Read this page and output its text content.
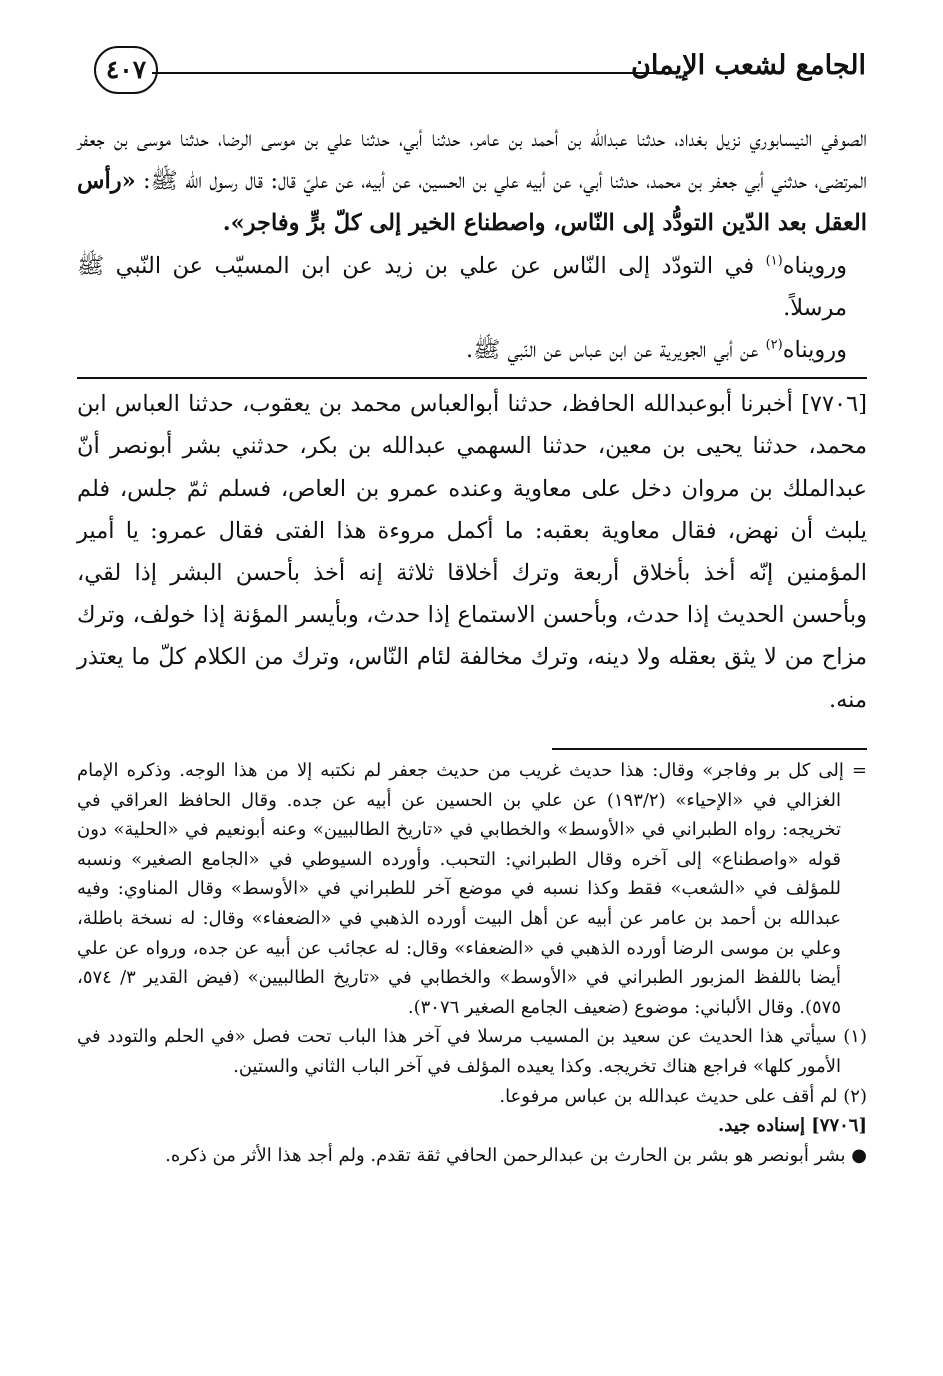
الجامع لشعب الإيمان
٤٠٧

الصوفي النيسابوري نزيل بغداد، حدثنا عبدالله بن أحمد بن عامر، حدثنا أبي، حدثنا علي بن موسى الرضا، حدثنا موسى بن جعفر المرتضى، حدثني أبي جعفر بن محمد، حدثنا أبي، عن أبيه علي بن الحسين، عن أبيه، عن عليّ قال: قال رسول الله ﷺ: «رأس العقل بعد الدّين التودُّد إلى النّاس، واصطناع الخير إلى كلّ برٍّ وفاجر».

ورويناه$^{(١)}$ في التودّد إلى النّاس عن علي بن زيد عن ابن المسيّب عن النّبي ﷺ مرسلاً.

ورويناه$^{(٢)}$ عن أبي الجويرية عن ابن عباس عن النّبي ﷺ.

[٧٧٠٦] أخبرنا أبوعبدالله الحافظ، حدثنا أبوالعباس محمد بن يعقوب، حدثنا العباس ابن محمد، حدثنا يحيى بن معين، حدثنا السهمي عبدالله بن بكر، حدثني بشر أبونصر أنّ عبدالملك بن مروان دخل على معاوية وعنده عمرو بن العاص، فسلم ثمّ جلس، فلم يلبث أن نهض، فقال معاوية بعقبه: ما أكمل مروءة هذا الفتى فقال عمرو: يا أمير المؤمنين إنّه أخذ بأخلاق أربعة وترك أخلاقا ثلاثة إنه أخذ بأحسن البشر إذا لقي، وبأحسن الحديث إذا حدث، وبأحسن الاستماع إذا حدث، وبأيسر المؤنة إذا خولف، وترك مزاح من لا يثق بعقله ولا دينه، وترك مخالفة لئام النّاس، وترك من الكلام كلّ ما يعتذر منه.

= إلى كل بر وفاجر» وقال: هذا حديث غريب من حديث جعفر لم نكتبه إلا من هذا الوجه. وذكره الإمام الغزالي في «الإحياء» (١٩٣/٢) عن علي بن الحسين عن أبيه عن جده. وقال الحافظ العراقي في تخريجه: رواه الطبراني في «الأوسط» والخطابي في «تاريخ الطالبيين» وعنه أبونعيم في «الحلية» دون قوله «واصطناع» إلى آخره وقال الطبراني: التحبب. وأورده السيوطي في «الجامع الصغير» ونسبه للمؤلف في «الشعب» فقط وكذا نسبه في موضع آخر للطبراني في «الأوسط» وقال المناوي: وفيه عبدالله بن أحمد بن عامر عن أبيه عن أهل البيت أورده الذهبي في «الضعفاء» وقال: له نسخة باطلة، وعلي بن موسى الرضا أورده الذهبي في «الضعفاء» وقال: له عجائب عن أبيه عن جده، ورواه عن علي أيضا باللفظ المزبور الطبراني في «الأوسط» والخطابي في «تاريخ الطالبيين» (فيض القدير ٣/ ٥٧٤، ٥٧٥). وقال الألباني: موضوع (ضعيف الجامع الصغير ٣٠٧٦).

(١) سيأتي هذا الحديث عن سعيد بن المسيب مرسلا في آخر هذا الباب تحت فصل «في الحلم والتودد في الأمور كلها» فراجع هناك تخريجه. وكذا يعيده المؤلف في آخر الباب الثاني والستين.

(٢) لم أقف على حديث عبدالله بن عباس مرفوعا.

[٧٧٠٦] إسناده جيد.

● بشر أبونصر هو بشر بن الحارث بن عبدالرحمن الحافي ثقة تقدم. ولم أجد هذا الأثر من ذكره.
